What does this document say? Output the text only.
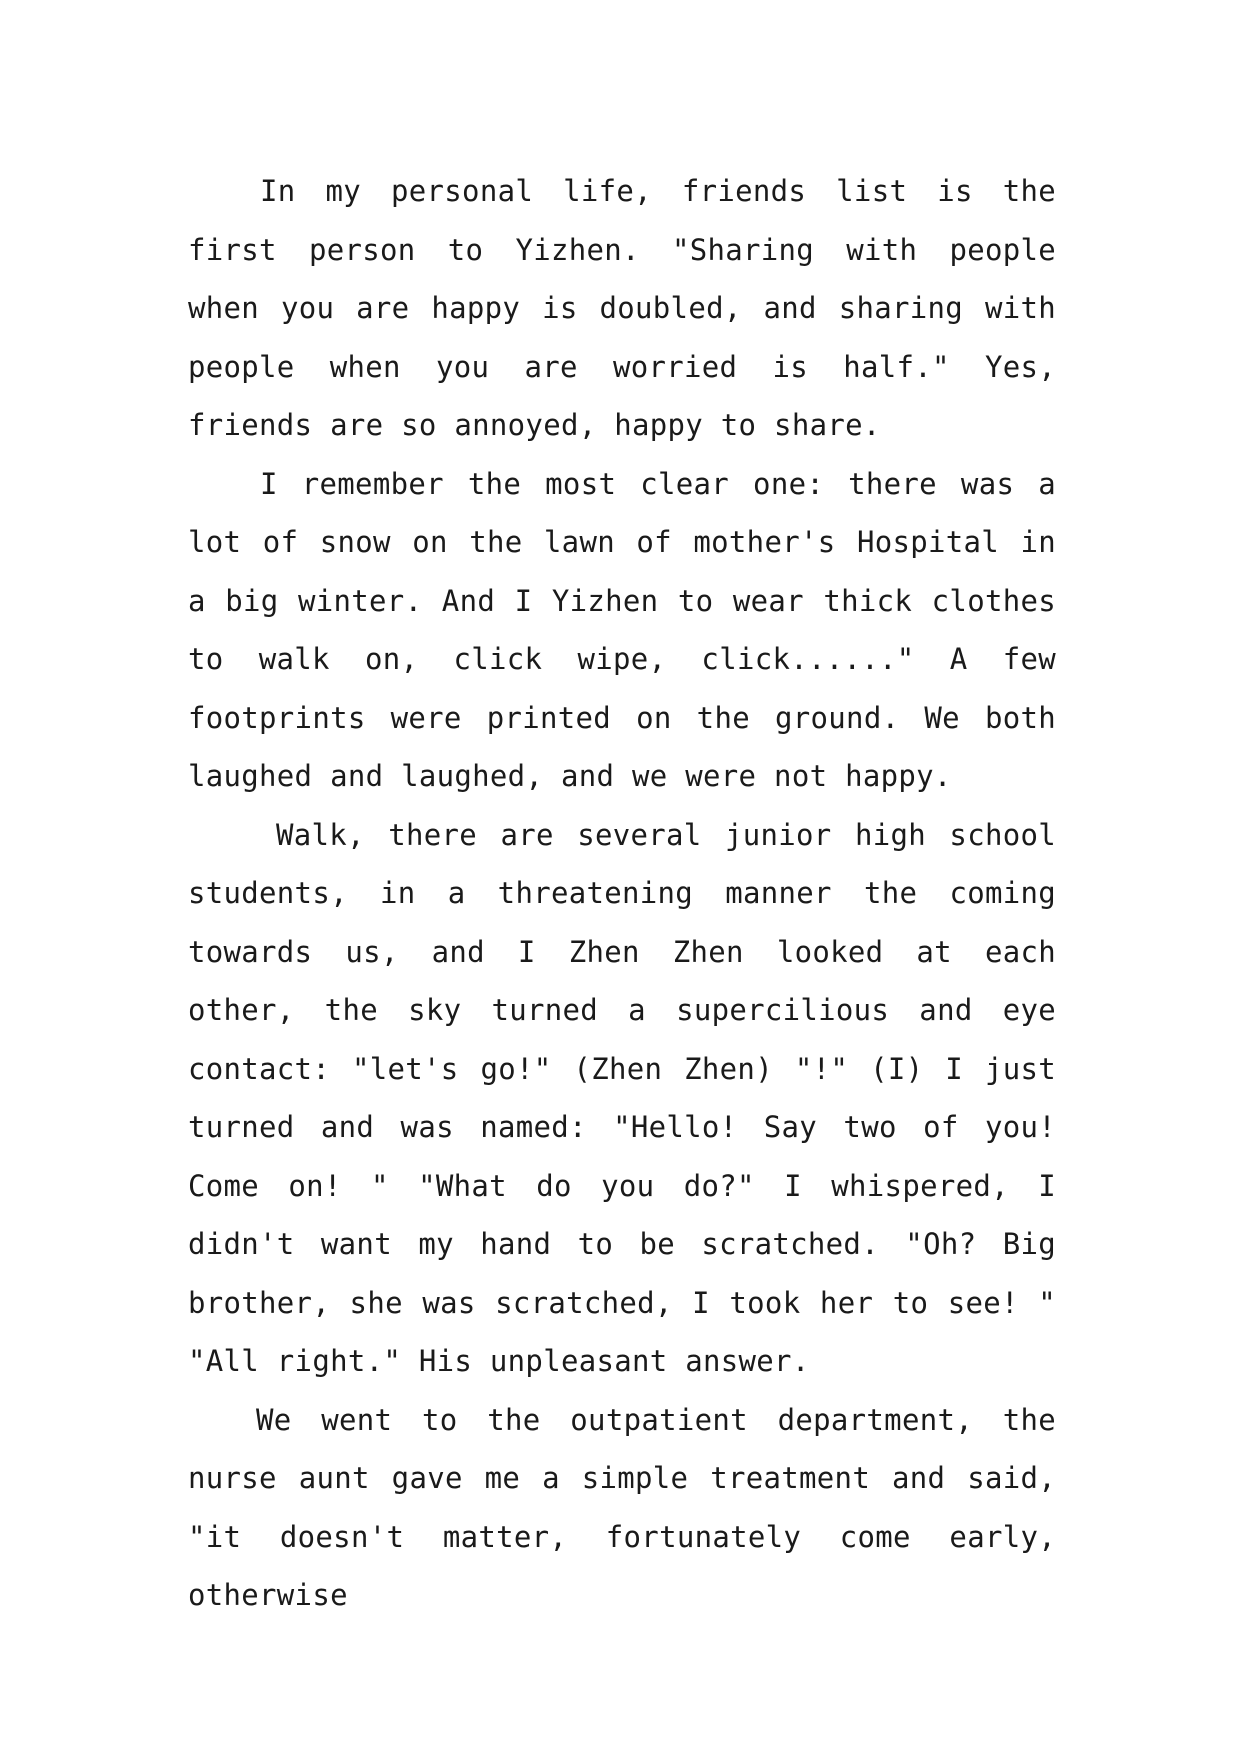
In my personal life, friends list is the first person to Yizhen. "Sharing with people when you are happy is doubled, and sharing with people when you are worried is half." Yes, friends are so annoyed, happy to share.

I remember the most clear one: there was a lot of snow on the lawn of mother's Hospital in a big winter. And I Yizhen to wear thick clothes to walk on, click wipe, click......" A few footprints were printed on the ground. We both laughed and laughed, and we were not happy.

Walk, there are several junior high school students, in a threatening manner the coming towards us, and I Zhen Zhen looked at each other, the sky turned a supercilious and eye contact: "let's go!" (Zhen Zhen) "!" (I) I just turned and was named: "Hello! Say two of you! Come on! " "What do you do?" I whispered, I didn't want my hand to be scratched. "Oh? Big brother, she was scratched, I took her to see! " "All right." His unpleasant answer.

We went to the outpatient department, the nurse aunt gave me a simple treatment and said, "it doesn't matter, fortunately come early, otherwise
